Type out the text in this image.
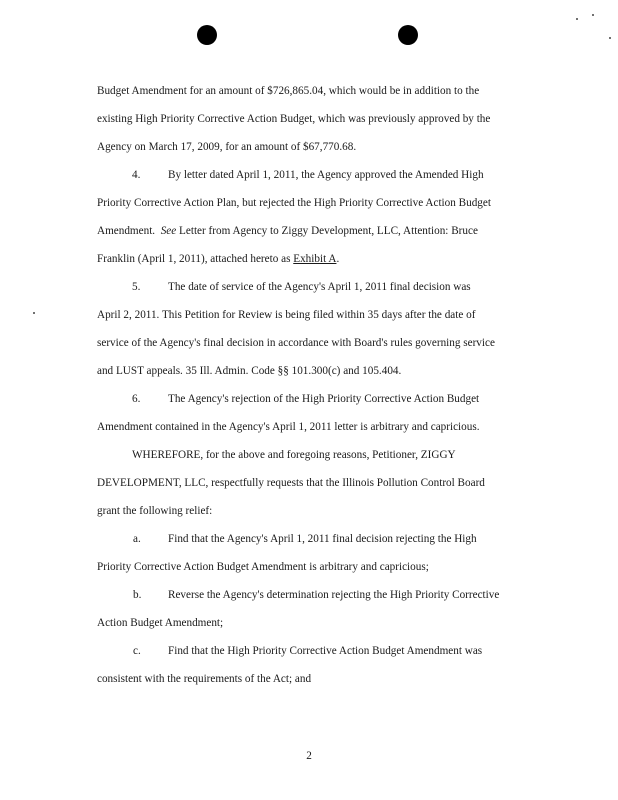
Budget Amendment for an amount of $726,865.04, which would be in addition to the
existing High Priority Corrective Action Budget, which was previously approved by the
Agency on March 17, 2009, for an amount of $67,770.68.
4. By letter dated April 1, 2011, the Agency approved the Amended High
Priority Corrective Action Plan, but rejected the High Priority Corrective Action Budget
Amendment. See Letter from Agency to Ziggy Development, LLC, Attention: Bruce
Franklin (April 1, 2011), attached hereto as Exhibit A.
5. The date of service of the Agency's April 1, 2011 final decision was
April 2, 2011. This Petition for Review is being filed within 35 days after the date of
service of the Agency's final decision in accordance with Board's rules governing service
and LUST appeals. 35 Ill. Admin. Code §§ 101.300(c) and 105.404.
6. The Agency's rejection of the High Priority Corrective Action Budget
Amendment contained in the Agency's April 1, 2011 letter is arbitrary and capricious.
WHEREFORE, for the above and foregoing reasons, Petitioner, ZIGGY
DEVELOPMENT, LLC, respectfully requests that the Illinois Pollution Control Board
grant the following relief:
a. Find that the Agency's April 1, 2011 final decision rejecting the High
Priority Corrective Action Budget Amendment is arbitrary and capricious;
b. Reverse the Agency's determination rejecting the High Priority Corrective
Action Budget Amendment;
c. Find that the High Priority Corrective Action Budget Amendment was
consistent with the requirements of the Act; and
2
